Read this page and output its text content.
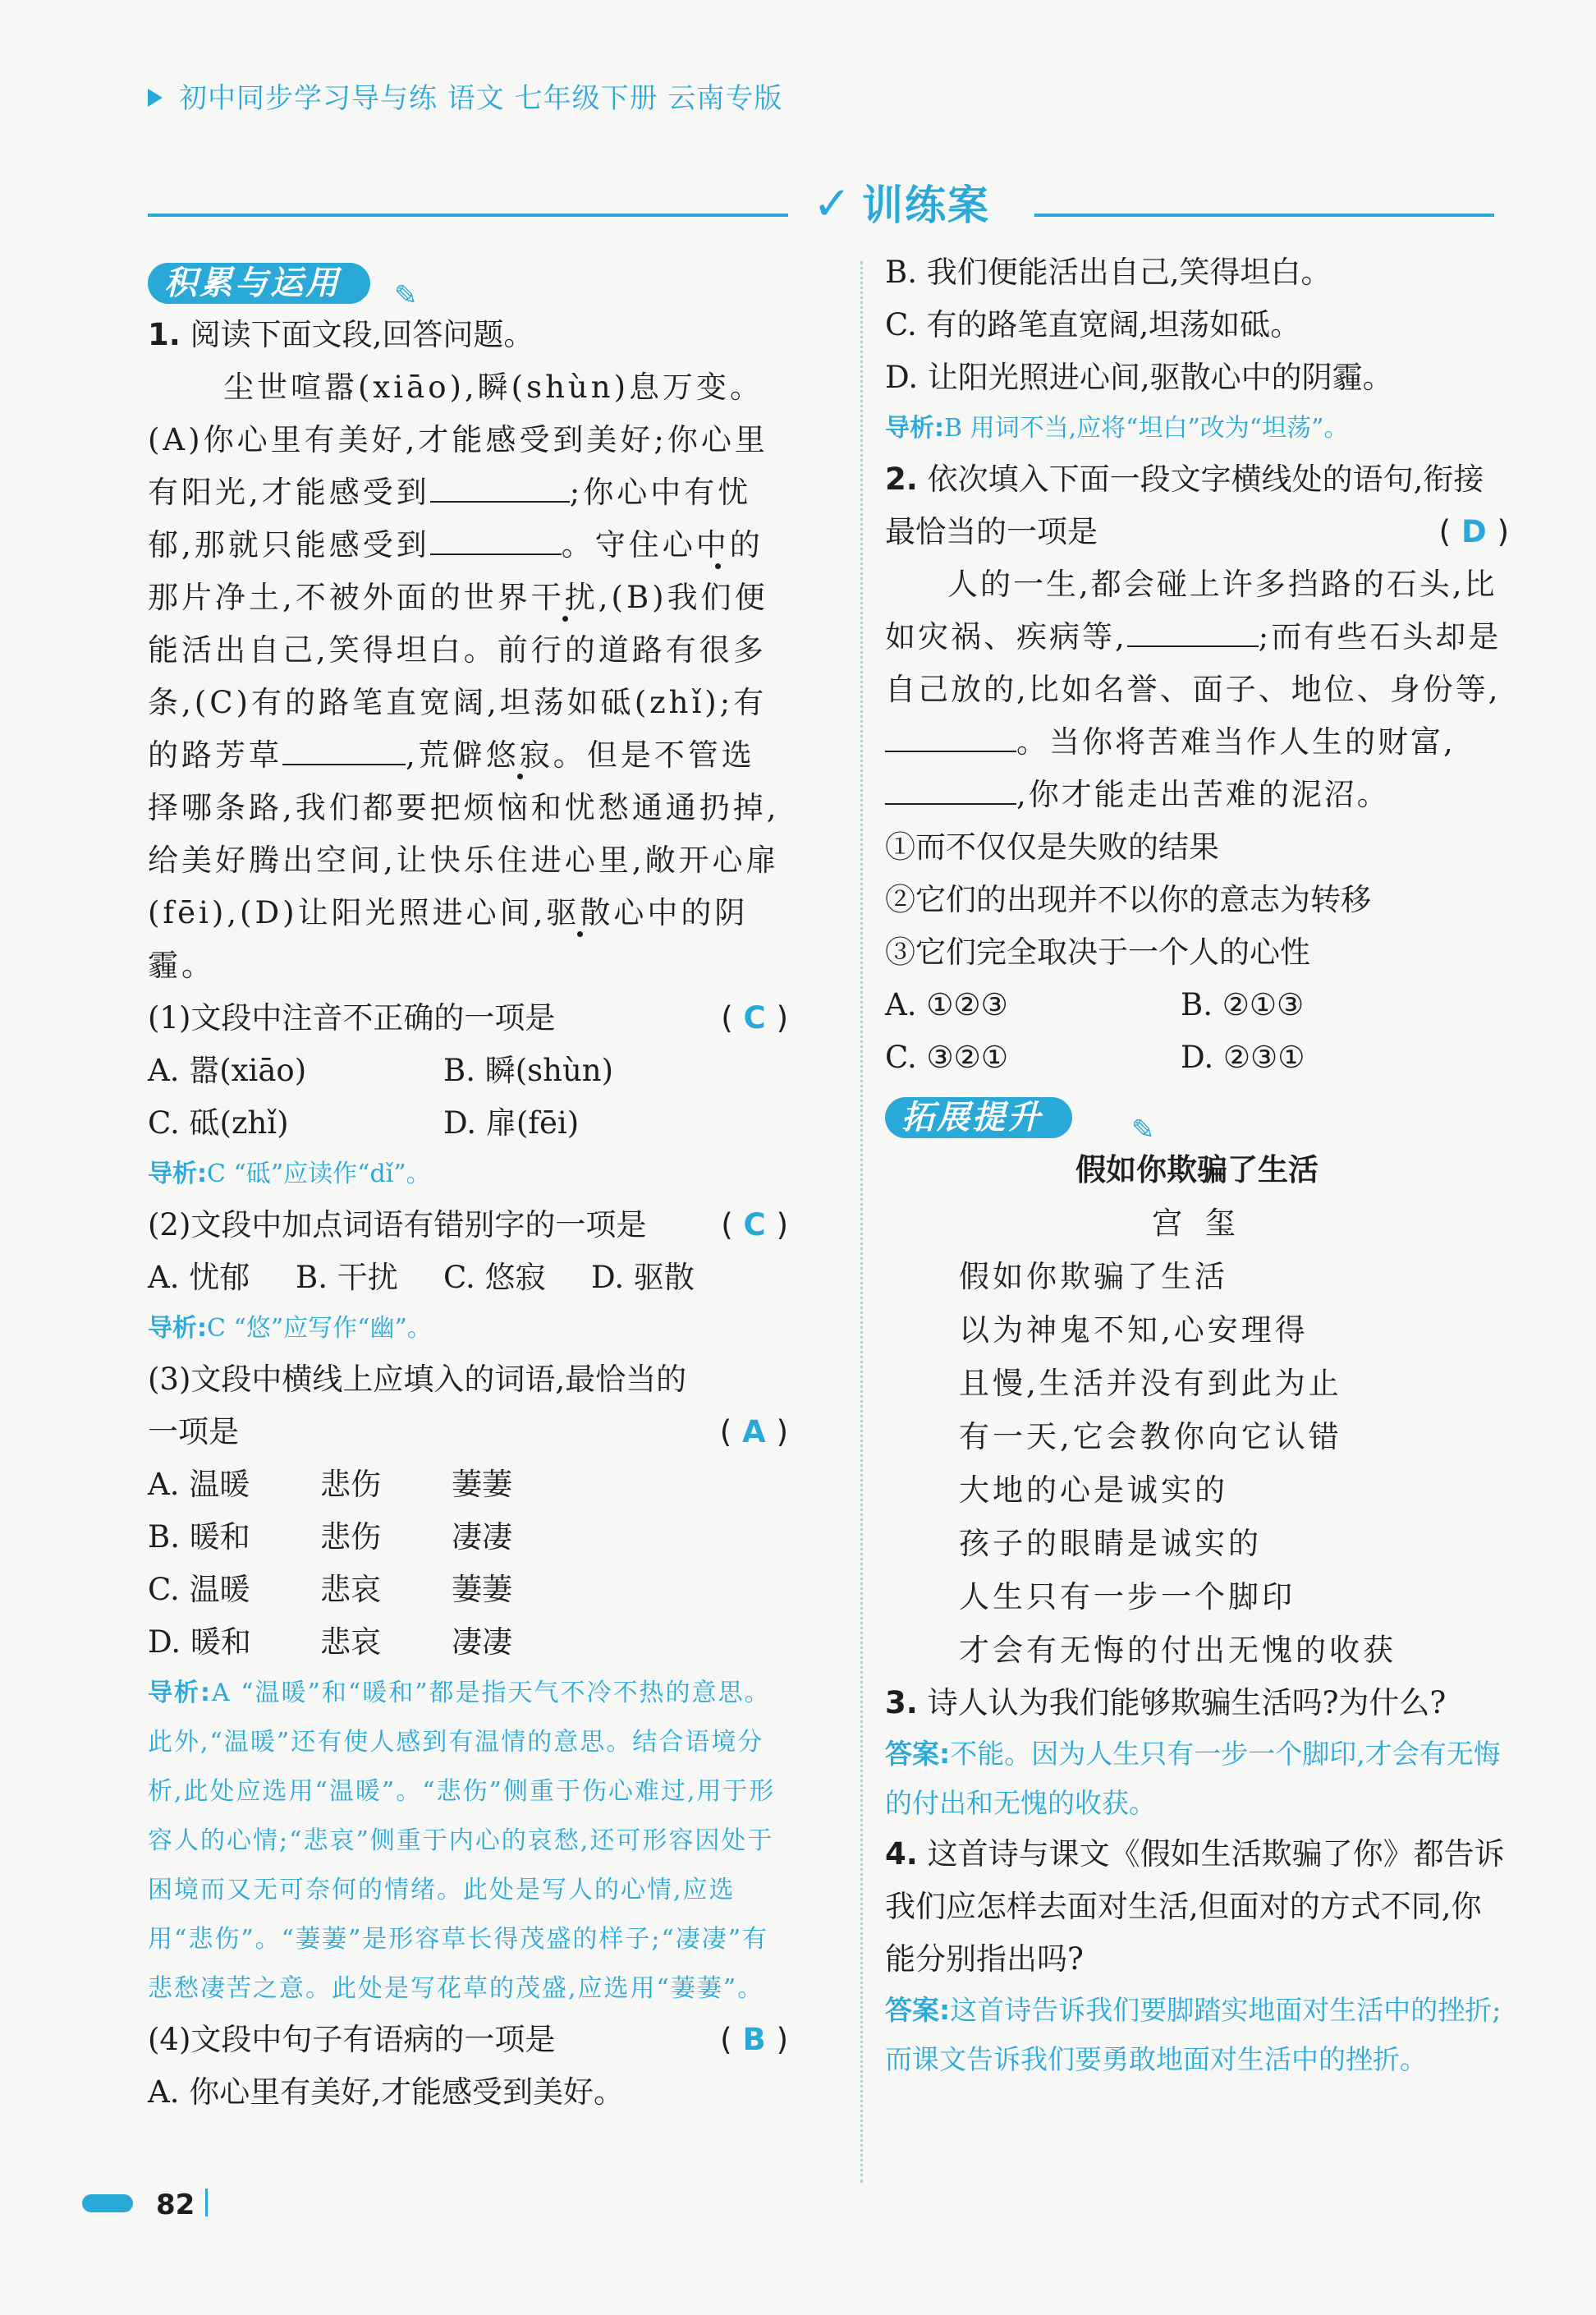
初中同步学习导与练 语文 七年级下册 云南专版
✓ 训练案
积累与运用	✎

1. 阅读下面文段,回答问题。

尘世喧嚣(xiāo),瞬(shùn)息万变。(A)你心里有美好,才能感受到美好;你心里有阳光,才能感受到	;你心中有忧郁,那就只能感受到	。守住心中的那片净土,不被外面的世界干扰,(B)我们便能活出自己,笑得坦白。前行的道路有很多条,(C)有的路笔直宽阔,坦荡如砥(zhǐ);有的路芳草	,荒僻悠寂。但是不管选择哪条路,我们都要把烦恼和忧愁通通扔掉,给美好腾出空间,让快乐住进心里,敞开心扉(fēi),(D)让阳光照进心间,驱散心中的阴霾。

(1)文段中注音不正确的一项是	( C )

A. 嚣(xiāo)	B. 瞬(shùn)

C. 砥(zhǐ)	D. 扉(fēi)

导析:C “砥”应读作“dǐ”。

(2)文段中加点词语有错别字的一项是 ( C )

A. 忧郁 B. 干扰 C. 悠寂 D. 驱散

导析:C “悠”应写作“幽”。

(3)文段中横线上应填入的词语,最恰当的

一项是	( A )

A. 温暖 悲伤 萋萋

B. 暖和 悲伤 凄凄

C. 温暖 悲哀 萋萋

D. 暖和 悲哀 凄凄

导析:A “温暖”和“暖和”都是指天气不冷不热的意思。此外,“温暖”还有使人感到有温情的意思。结合语境分析,此处应选用“温暖”。“悲伤”侧重于伤心难过,用于形容人的心情;“悲哀”侧重于内心的哀愁,还可形容因处于困境而又无可奈何的情绪。此处是写人的心情,应选用“悲伤”。“萋萋”是形容草长得茂盛的样子;“凄凄”有悲愁凄苦之意。此处是写花草的茂盛,应选用“萋萋”。

(4)文段中句子有语病的一项是	( B )

A. 你心里有美好,才能感受到美好。

B. 我们便能活出自己,笑得坦白。

C. 有的路笔直宽阔,坦荡如砥。

D. 让阳光照进心间,驱散心中的阴霾。

导析:B 用词不当,应将“坦白”改为“坦荡”。

2. 依次填入下面一段文字横线处的语句,衔接

最恰当的一项是	( D )

人的一生,都会碰上许多挡路的石头,比如灾祸、疾病等,	;而有些石头却是自己放的,比如名誉、面子、地位、身份等,。当你将苦难当作人生的财富,,你才能走出苦难的泥沼。

①而不仅仅是失败的结果

②它们的出现并不以你的意志为转移

③它们完全取决于一个人的心性

A. ①②③	B. ②①③

C. ③②①	D. ②③①

拓展提升	✎
假如你欺骗了生活
宫 玺
假如你欺骗了生活
以为神鬼不知,心安理得
且慢,生活并没有到此为止
有一天,它会教你向它认错
大地的心是诚实的
孩子的眼睛是诚实的
人生只有一步一个脚印
才会有无悔的付出无愧的收获

3. 诗人认为我们能够欺骗生活吗?为什么?

答案:不能。因为人生只有一步一个脚印,才会有无悔的付出和无愧的收获。

4. 这首诗与课文《假如生活欺骗了你》都告诉我们应怎样去面对生活,但面对的方式不同,你能分别指出吗?

答案:这首诗告诉我们要脚踏实地面对生活中的挫折;而课文告诉我们要勇敢地面对生活中的挫折。

82
